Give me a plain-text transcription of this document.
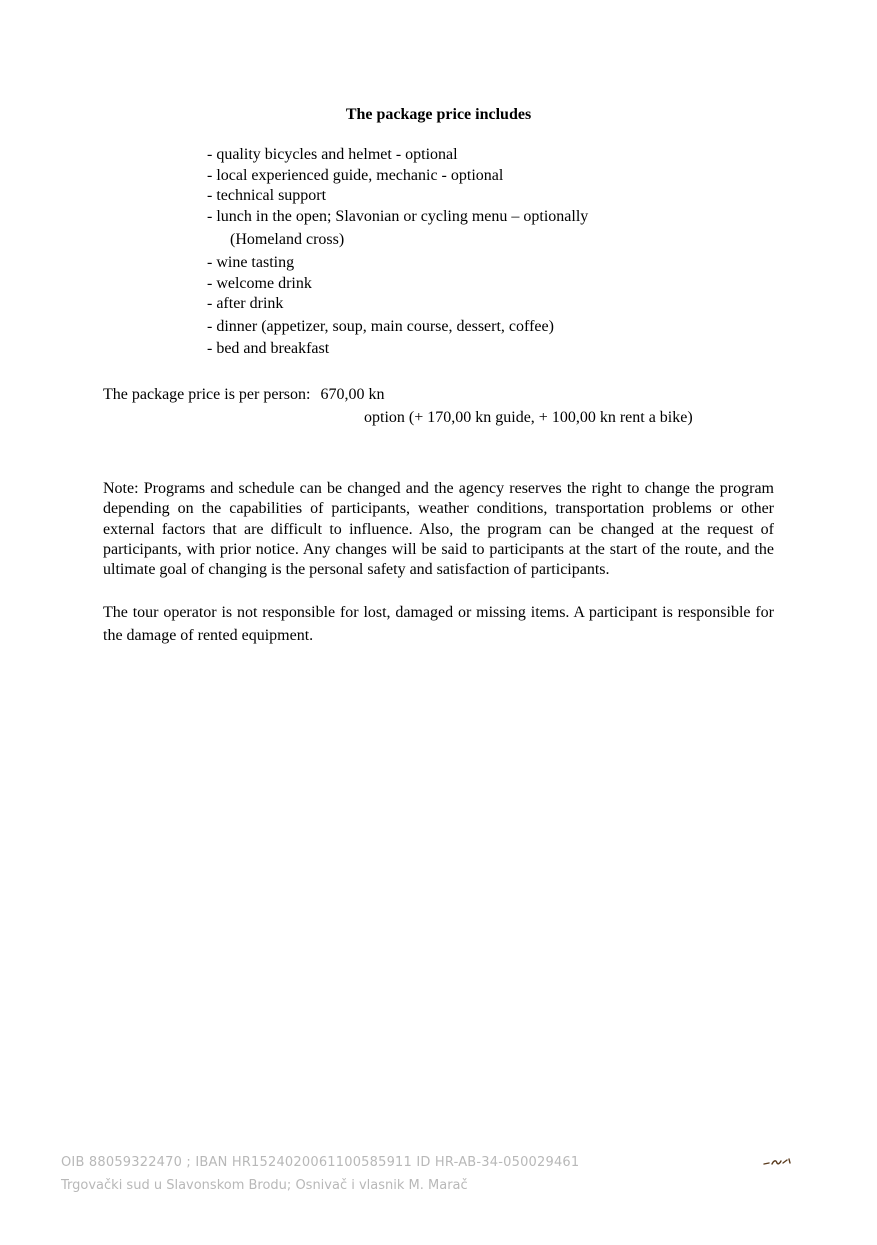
The package price includes
- quality bicycles and helmet - optional
- local experienced guide, mechanic - optional
- technical support
- lunch in the open; Slavonian or cycling menu – optionally
(Homeland cross)
- wine tasting
- welcome drink
- after drink
- dinner (appetizer, soup, main course, dessert, coffee)
- bed and breakfast
The package price is per person: 670,00 kn
option (+ 170,00 kn guide, + 100,00 kn rent a bike)

Note: Programs and schedule can be changed and the agency reserves the right to change the program depending on the capabilities of participants, weather conditions, transportation problems or other external factors that are difficult to influence. Also, the program can be changed at the request of participants, with prior notice. Any changes will be said to participants at the start of the route, and the ultimate goal of changing is the personal safety and satisfaction of participants.

The tour operator is not responsible for lost, damaged or missing items. A participant is responsible for the damage of rented equipment.

OIB 88059322470 ; IBAN HR1524020061100585911 ID HR-AB-34-050029461
Trgovački sud u Slavonskom Brodu; Osnivač i vlasnik M. Marač
